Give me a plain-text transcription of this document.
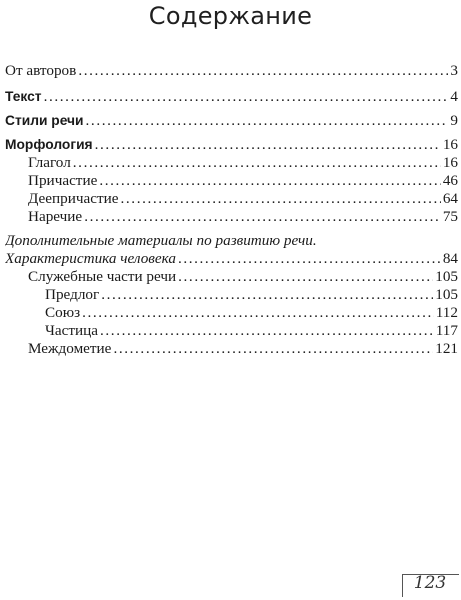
Содержание
От авторов .....	3
Текст .....	4
Стили речи .....	9
Морфология .....	16
Глагол .....	16
Причастие .....	46
Деепричастие .....	64
Наречие .....	75
Дополнительные материалы по развитию речи.
Характеристика человека .....	84
Служебные части речи .....	105
Предлог .....	105
Союз .....	112
Частица .....	117
Междометие .....	121
123
